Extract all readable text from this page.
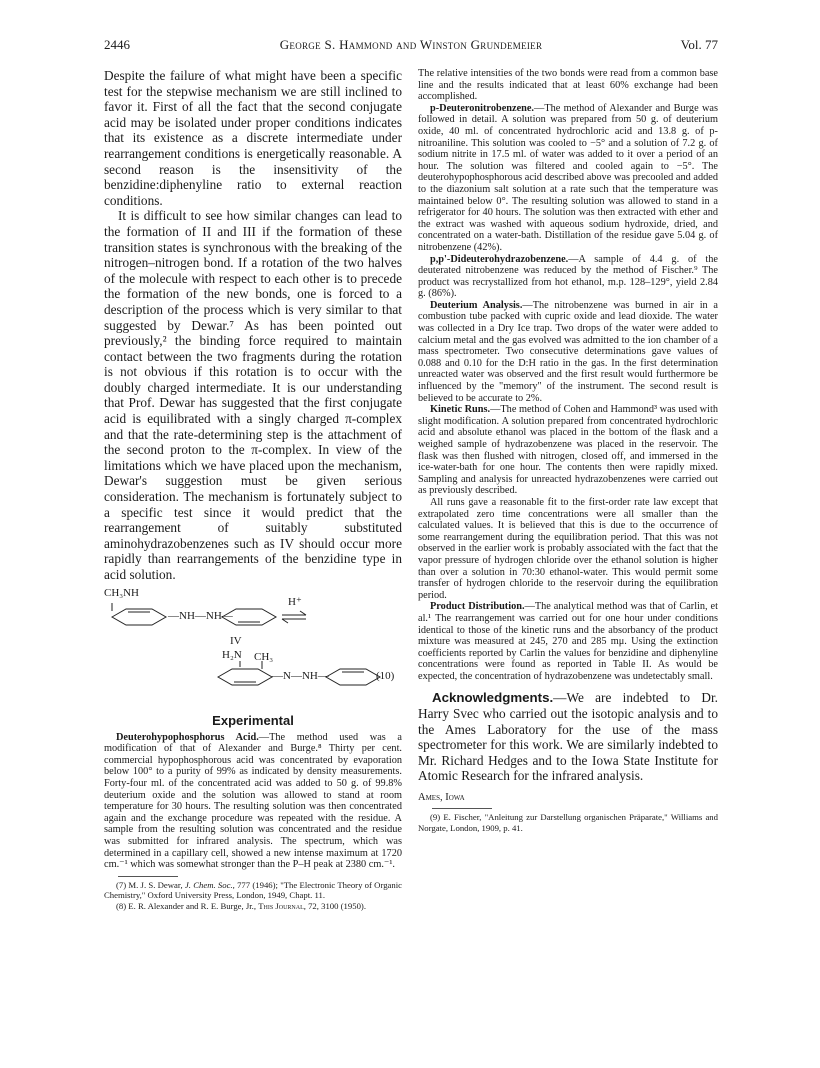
2446	George S. Hammond and Winston Grundemeier	Vol. 77

Despite the failure of what might have been a specific test for the stepwise mechanism we are still inclined to favor it. First of all the fact that the second conjugate acid may be isolated under proper conditions indicates that its existence as a discrete intermediate under rearrangement conditions is energetically reasonable. A second reason is the insensitivity of the benzidine:diphenyline ratio to external reaction conditions.

It is difficult to see how similar changes can lead to the formation of II and III if the formation of these transition states is synchronous with the breaking of the nitrogen–nitrogen bond. If a rotation of the two halves of the molecule with respect to each other is to precede the formation of the new bonds, one is forced to a description of the process which is very similar to that suggested by Dewar.⁷ As has been pointed out previously,² the binding force required to maintain contact between the two fragments during the rotation is not obvious if this rotation is to occur with the doubly charged intermediate. It is our understanding that Prof. Dewar has suggested that the first conjugate acid is equilibrated with a singly charged π-complex and that the rate-determining step is the attachment of the second proton to the π-complex. In view of the limitations which we have placed upon the mechanism, Dewar's suggestion must be given serious consideration. The mechanism is fortunately subject to a specific test since it would predict that the rearrangement of suitably substituted aminohydrazobenzenes such as IV should occur more rapidly than rearrangements of the benzidine type in acid solution.

CH₃NH
—NH—NH—
H⁺
IV
H₂N CH₃
—N—NH—	(10)
Experimental

Deuterohypophosphorus Acid.—The method used was a modification of that of Alexander and Burge.⁸ Thirty per cent. commercial hypophosphorous acid was concentrated by evaporation below 100° to a purity of 99% as indicated by density measurements. Forty-four ml. of the concentrated acid was added to 50 g. of 99.8% deuterium oxide and the solution was allowed to stand at room temperature for 30 hours. The resulting solution was then concentrated again and the exchange procedure was repeated with the residue. A sample from the resulting solution was concentrated and the residue was submitted for infrared analysis. The spectrum, which was determined in a capillary cell, showed a new intense maximum at 1720 cm.⁻¹ which was somewhat stronger than the P–H peak at 2380 cm.⁻¹.

(7) M. J. S. Dewar, J. Chem. Soc., 777 (1946); "The Electronic Theory of Organic Chemistry," Oxford University Press, London, 1949, Chapt. 11.

(8) E. R. Alexander and R. E. Burge, Jr., This Journal, 72, 3100 (1950).

The relative intensities of the two bonds were read from a common base line and the results indicated that at least 60% exchange had been accomplished.

p-Deuteronitrobenzene.—The method of Alexander and Burge was followed in detail. A solution was prepared from 50 g. of deuterium oxide, 40 ml. of concentrated hydrochloric acid and 13.8 g. of p-nitroaniline. This solution was cooled to −5° and a solution of 7.2 g. of sodium nitrite in 17.5 ml. of water was added to it over a period of an hour. The solution was filtered and cooled again to −5°. The deuterohypophosphorous acid described above was precooled and added to the diazonium salt solution at a rate such that the temperature was maintained below 0°. The resulting solution was allowed to stand in a refrigerator for 40 hours. The solution was then extracted with ether and the extract was washed with aqueous sodium hydroxide, dried, and concentrated on a water-bath. Distillation of the residue gave 5.04 g. of nitrobenzene (42%).

p,p'-Dideuterohydrazobenzene.—A sample of 4.4 g. of the deuterated nitrobenzene was reduced by the method of Fischer.⁹ The product was recrystallized from hot ethanol, m.p. 128–129°, yield 2.84 g. (86%).

Deuterium Analysis.—The nitrobenzene was burned in air in a combustion tube packed with cupric oxide and lead dioxide. The water was collected in a Dry Ice trap. Two drops of the water were added to calcium metal and the gas evolved was admitted to the ion chamber of a mass spectrometer. Two consecutive determinations gave values of 0.088 and 0.10 for the D:H ratio in the gas. In the first determination unreacted water was observed and the first result would furthermore be influenced by the "memory" of the instrument. The second result is believed to be accurate to 2%.

Kinetic Runs.—The method of Cohen and Hammond³ was used with slight modification. A solution prepared from concentrated hydrochloric acid and absolute ethanol was placed in the bottom of the flask and a weighed sample of hydrazobenzene was placed in the reservoir. The flask was then flushed with nitrogen, closed off, and immersed in the ice-water-bath for one hour. The contents then were rapidly mixed. Sampling and analysis for unreacted hydrazobenzenes were carried out as previously described.

All runs gave a reasonable fit to the first-order rate law except that extrapolated zero time concentrations were all smaller than the calculated values. It is believed that this is due to the occurrence of some rearrangement during the equilibration period. That this was not observed in the earlier work is probably associated with the fact that the vapor pressure of hydrogen chloride over the ethanol solution is higher than over a solution in 70:30 ethanol-water. This would permit some transfer of hydrogen chloride to the reservoir during the equilibration period.

Product Distribution.—The analytical method was that of Carlin, et al.¹ The rearrangement was carried out for one hour under conditions identical to those of the kinetic runs and the absorbancy of the product mixture was measured at 245, 270 and 285 mμ. Using the extinction coefficients reported by Carlin the values for benzidine and diphenyline concentrations were found as reported in Table II. As would be expected, the concentration of hydrazobenzene was undetectably small.

Acknowledgments.—We are indebted to Dr. Harry Svec who carried out the isotopic analysis and to the Ames Laboratory for the use of the mass spectrometer for this work. We are similarly indebted to Mr. Richard Hedges and to the Iowa State Institute for Atomic Research for the infrared analysis.

Ames, Iowa

(9) E. Fischer, "Anleitung zur Darstellung organischen Präparate," Williams and Norgate, London, 1909, p. 41.
